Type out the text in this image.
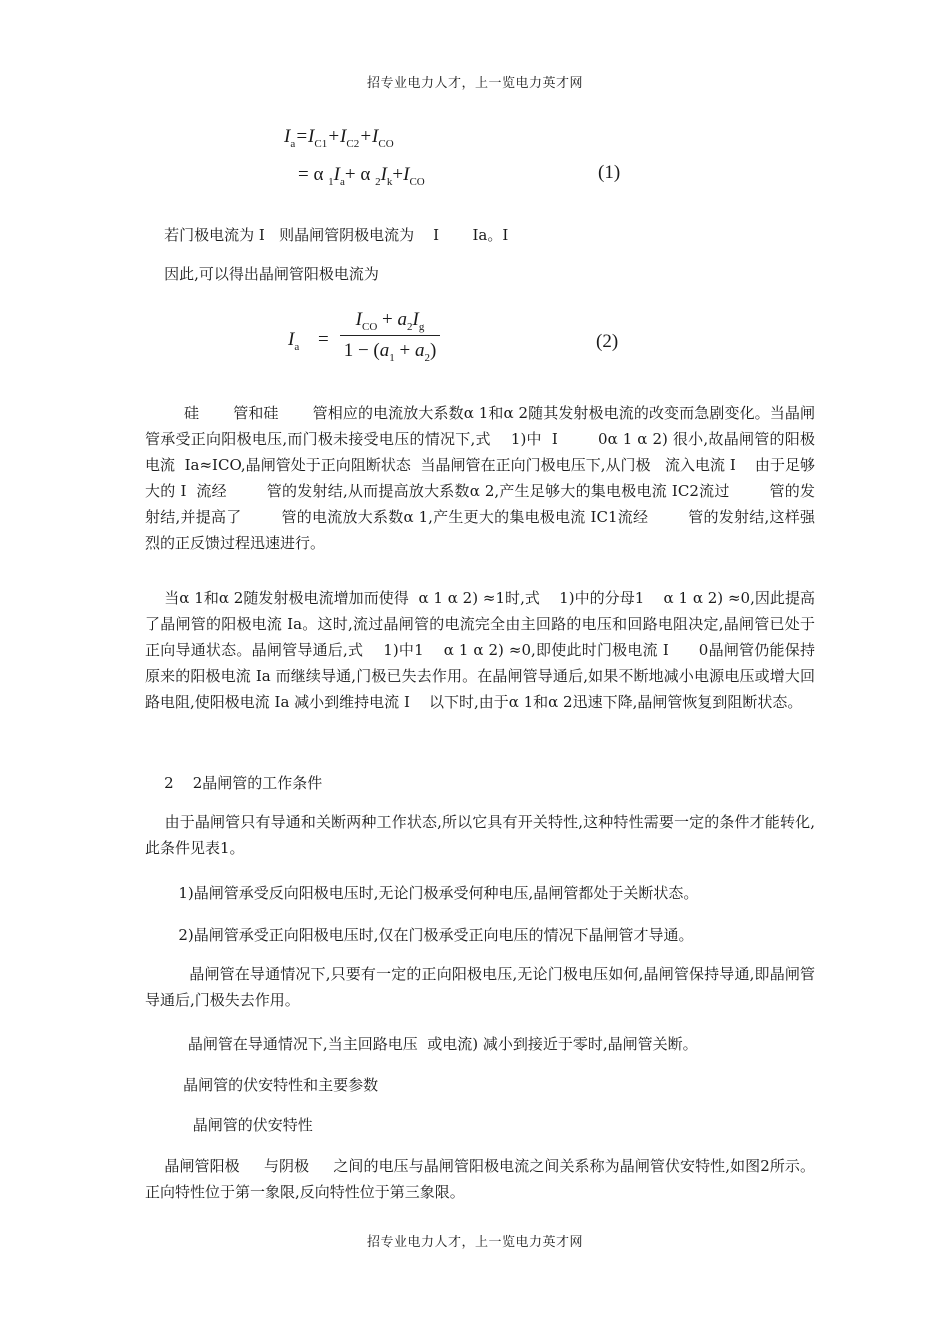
招专业电力人才，上一览电力英才网
$I_a=I_{C1}+I_{C2}+I_{CO}$
= α $_1I_a+ \alpha$ $_2I_k+I_{CO}$	(1)
若门极电流为 I   则晶闸管阴极电流为    I       Ia。I
因此,可以得出晶闸管阳极电流为
$I_a$ =
$I_{CO} + a_2I_g$
$1 - (a_1 + a_2)$	(2)
硅       管和硅       管相应的电流放大系数α 1和α 2随其发射极电流的改变而急剧变化。当晶闸管承受正向阳极电压,而门极未接受电压的情况下,式    1)中  I        0α 1 α 2) 很小,故晶闸管的阳极电流  Ia≈ICO,晶闸管处于正向阻断状态  当晶闸管在正向门极电压下,从门极   流入电流 I    由于足够大的 I  流经        管的发射结,从而提高放大系数α 2,产生足够大的集电极电流 IC2流过        管的发射结,并提高了        管的电流放大系数α 1,产生更大的集电极电流 IC1流经        管的发射结,这样强烈的正反馈过程迅速进行。
当α 1和α 2随发射极电流增加而使得  α 1 α 2) ≈1时,式    1)中的分母1    α 1 α 2) ≈0,因此提高了晶闸管的阳极电流 Ia。这时,流过晶闸管的电流完全由主回路的电压和回路电阻决定,晶闸管已处于正向导通状态。晶闸管导通后,式    1)中1    α 1 α 2) ≈0,即使此时门极电流 I      0晶闸管仍能保持原来的阳极电流 Ia 而继续导通,门极已失去作用。在晶闸管导通后,如果不断地减小电源电压或增大回路电阻,使阳极电流 Ia 减小到维持电流 I    以下时,由于α 1和α 2迅速下降,晶闸管恢复到阻断状态。
2    2晶闸管的工作条件
由于晶闸管只有导通和关断两种工作状态,所以它具有开关特性,这种特性需要一定的条件才能转化,此条件见表1。
1)晶闸管承受反向阳极电压时,无论门极承受何种电压,晶闸管都处于关断状态。
2)晶闸管承受正向阳极电压时,仅在门极承受正向电压的情况下晶闸管才导通。
晶闸管在导通情况下,只要有一定的正向阳极电压,无论门极电压如何,晶闸管保持导通,即晶闸管导通后,门极失去作用。
晶闸管在导通情况下,当主回路电压  或电流) 减小到接近于零时,晶闸管关断。
晶闸管的伏安特性和主要参数
晶闸管的伏安特性
晶闸管阳极     与阴极     之间的电压与晶闸管阳极电流之间关系称为晶闸管伏安特性,如图2所示。正向特性位于第一象限,反向特性位于第三象限。
招专业电力人才，上一览电力英才网
